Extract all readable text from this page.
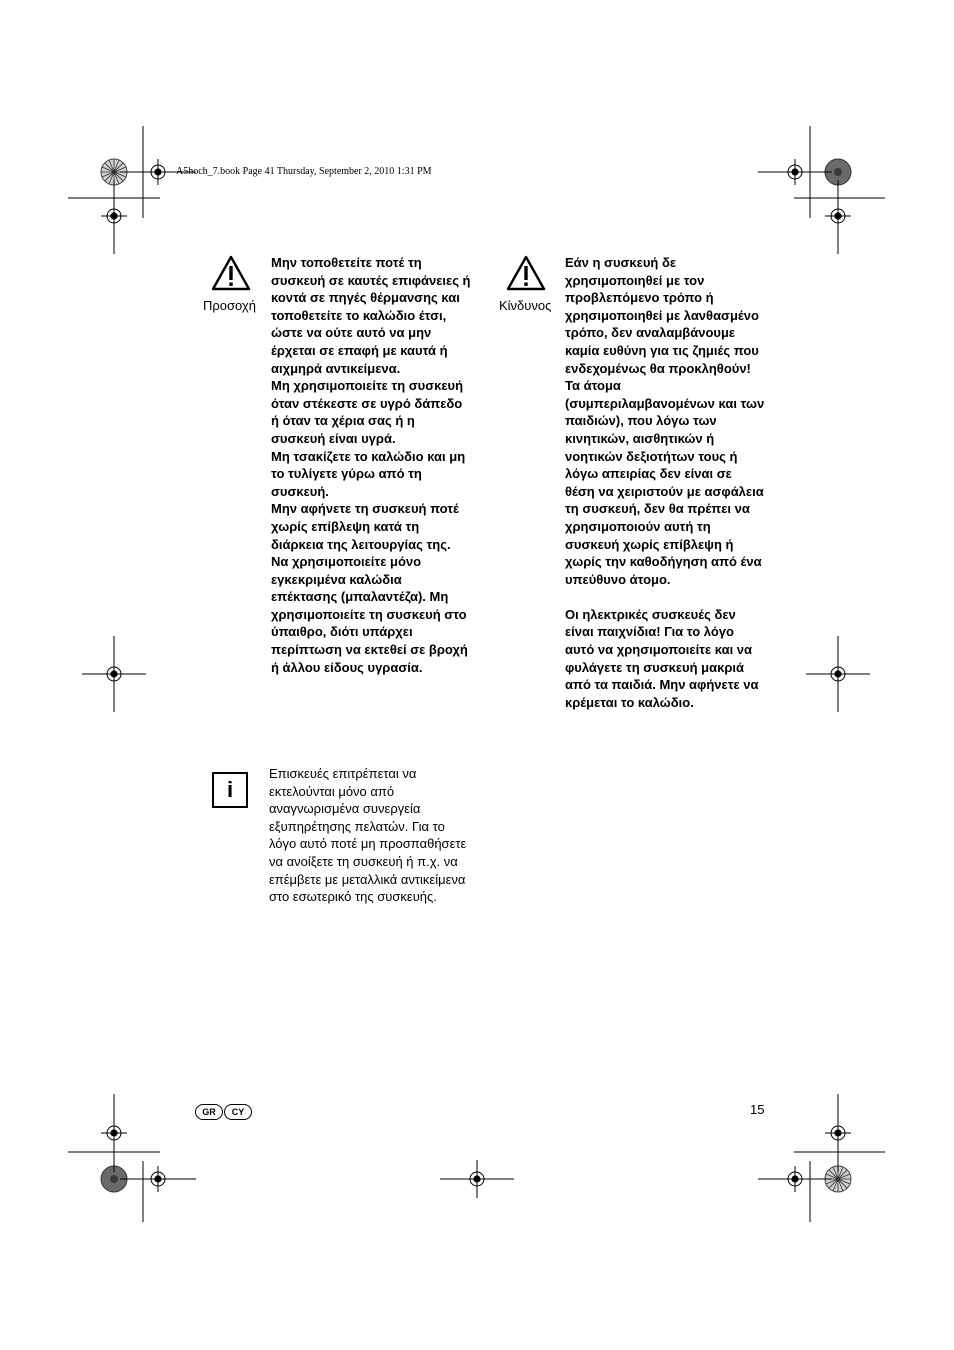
A5hoch_7.book Page 41 Thursday, September 2, 2010 1:31 PM
Προσοχή
Μην τοποθετείτε ποτέ τη συσκευή σε καυτές επιφάνειες ή κοντά σε πηγές θέρμανσης και τοποθετείτε το καλώδιο έτσι, ώστε να ούτε αυτό να μην έρχεται σε επαφή με καυτά ή αιχμηρά αντικείμενα.
Μη χρησιμοποιείτε τη συσκευή όταν στέκεστε σε υγρό δάπεδο ή όταν τα χέρια σας ή η συσκευή είναι υγρά.
Μη τσακίζετε το καλώδιο και μη το τυλίγετε γύρω από τη συσκευή.
Μην αφήνετε τη συσκευή ποτέ χωρίς επίβλεψη κατά τη διάρκεια της λειτουργίας της. Να χρησιμοποιείτε μόνο εγκεκριμένα καλώδια επέκτασης (μπαλαντέζα). Μη χρησιμοποιείτε τη συσκευή στο ύπαιθρο, διότι υπάρχει περίπτωση να εκτεθεί σε βροχή ή άλλου είδους υγρασία.
i
Επισκευές επιτρέπεται να εκτελούνται μόνο από αναγνωρισμένα συνεργεία εξυπηρέτησης πελατών. Για το λόγο αυτό ποτέ μη προσπαθήσετε να ανοίξετε τη συσκευή ή π.χ. να επέμβετε με μεταλλικά αντικείμενα στο εσωτερικό της συσκευής.
Κίνδυνος
Εάν η συσκευή δε χρησιμοποιηθεί με τον προβλεπόμενο τρόπο ή χρησιμοποιηθεί με λανθασμένο τρόπο, δεν αναλαμβάνουμε καμία ευθύνη για τις ζημιές που ενδεχομένως θα προκληθούν!
Τα άτομα (συμπεριλαμβανομένων και των παιδιών), που λόγω των κινητικών, αισθητικών ή νοητικών δεξιοτήτων τους ή λόγω απειρίας δεν είναι σε θέση να χειριστούν με ασφάλεια τη συσκευή, δεν θα πρέπει να χρησιμοποιούν αυτή τη συσκευή χωρίς επίβλεψη ή χωρίς την καθοδήγηση από ένα υπεύθυνο άτομο.
Οι ηλεκτρικές συσκευές δεν είναι παιχνίδια! Για το λόγο αυτό να χρησιμοποιείτε και να φυλάγετε τη συσκευή μακριά από τα παιδιά. Μην αφήνετε να κρέμεται το καλώδιο.
GR	CY	15
